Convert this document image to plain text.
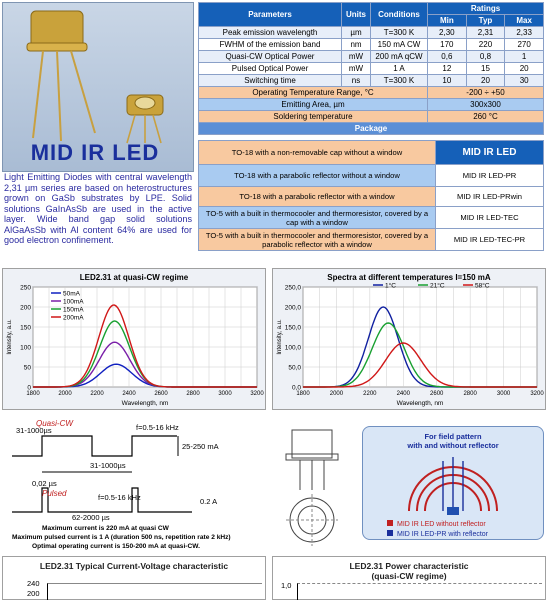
MID IR LED
Light Emitting Diodes with central wavelength 2,31 µm series are based on heterostructures grown on GaSb substrates by LPE. Solid solutions GaInAsSb are used in the active layer. Wide band gap solid solutions AlGaAsSb with Al content 64% are used for good electron confinement.
Parameters	Units	Conditions	Ratings		
			Min	Typ	Max
Peak emission wavelength	µm	T=300 K	2,30	2,31	2,33
FWHM of the emission band	nm	150 mA CW	170	220	270
Quasi-CW Optical Power	mW	200 mA qCW	0,6	0,8	1
Pulsed Optical Power	mW	1 A	12	15	20
Switching time	ns	T=300 K	10	20	30
Operating Temperature Range, °C			-200 ÷ +50		
Emitting Area, µm			300x300		
Soldering temperature			260 °C		
Package					
TO-18 with a non-removable cap without a window	MID IR LED
TO-18 with a parabolic reflector without a window	MID IR LED-PR
TO-18 with a parabolic reflector with a window	MID IR LED-PRwin
TO-5 with a built in thermocooler and thermoresistor, covered by a cap with a window	MID IR LED-TEC
TO-5 with a built in thermocooler and thermoresistor, covered by a parabolic reflector with a window	MID IR LED-TEC-PR
LED2.31 at quasi-CW regime
0
50
100
150
200
250
1800	2000	2200	2400	2600	2800	3000	3200
Wavelength, nm
Intensity, a.u.
50mA
100mA
150mA
200mA
Spectra at different temperatures I=150 mA
0,0
50,0
100,0
150,0
200,0
250,0
1800	2000	2200	2400	2600	2800	3000	3200
Wavelength, nm
Intensity, a.u.
1°C	21°C	58°C
Quasi-CW
31-1000µs	f=0.5-16 kHz
25-250 mA
31-1000µs
0,02 µs
Pulsed	f=0.5-16 kHz	0.2 A
62-2000 µs
Maximum current is 220 mA at quasi CW
Maximum pulsed current is 1 A (duration 500 ns, repetition rate 2 kHz)
Optimal operating current is 150-200 mA at quasi-CW.
For field pattern
with and without reflector
MID IR LED without reflector
MID IR LED-PR with reflector
LED2.31 Typical Current-Voltage characteristic
240
200
LED2.31 Power characteristic
(quasi-CW regime)
1,0
